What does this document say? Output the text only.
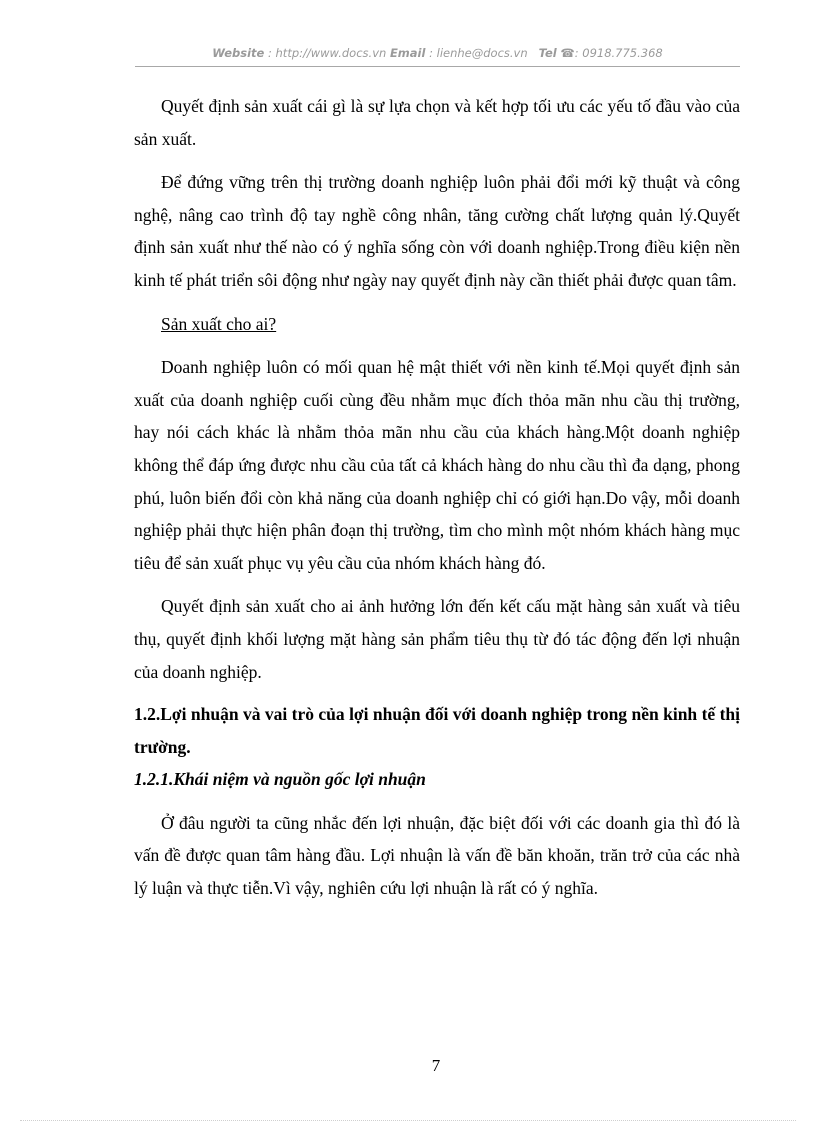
Website : http://www.docs.vn Email : lienhe@docs.vn Tel ☎: 0918.775.368

Quyết định sản xuất cái gì là sự lựa chọn và kết hợp tối ưu các yếu tố đầu vào của sản xuất.

Để đứng vững trên thị trường doanh nghiệp luôn phải đổi mới kỹ thuật và công nghệ, nâng cao trình độ tay nghề công nhân, tăng cường chất lượng quản lý.Quyết định sản xuất như thế nào có ý nghĩa sống còn với doanh nghiệp.Trong điều kiện nền kinh tế phát triển sôi động như ngày nay quyết định này cần thiết phải được quan tâm.

Sản xuất cho ai?

Doanh nghiệp luôn có mối quan hệ mật thiết với nền kinh tế.Mọi quyết định sản xuất của doanh nghiệp cuối cùng đều nhằm mục đích thỏa mãn nhu cầu thị trường, hay nói cách khác là nhằm thỏa mãn nhu cầu của khách hàng.Một doanh nghiệp không thể đáp ứng được nhu cầu của tất cả khách hàng do nhu cầu thì đa dạng, phong phú, luôn biến đổi còn khả năng của doanh nghiệp chỉ có giới hạn.Do vậy, mỗi doanh nghiệp phải thực hiện phân đoạn thị trường, tìm cho mình một nhóm khách hàng mục tiêu để sản xuất phục vụ yêu cầu của nhóm khách hàng đó.

Quyết định sản xuất cho ai ảnh hưởng lớn đến kết cấu mặt hàng sản xuất và tiêu thụ, quyết định khối lượng mặt hàng sản phẩm tiêu thụ từ đó tác động đến lợi nhuận của doanh nghiệp.

1.2.Lợi nhuận và vai trò của lợi nhuận đối với doanh nghiệp trong nền kinh tế thị trường.

1.2.1.Khái niệm và nguồn gốc lợi nhuận

Ở đâu người ta cũng nhắc đến lợi nhuận, đặc biệt đối với các doanh gia thì đó là vấn đề được quan tâm hàng đầu. Lợi nhuận là vấn đề băn khoăn, trăn trở của các nhà lý luận và thực tiễn.Vì vậy, nghiên cứu lợi nhuận là rất có ý nghĩa.

7
